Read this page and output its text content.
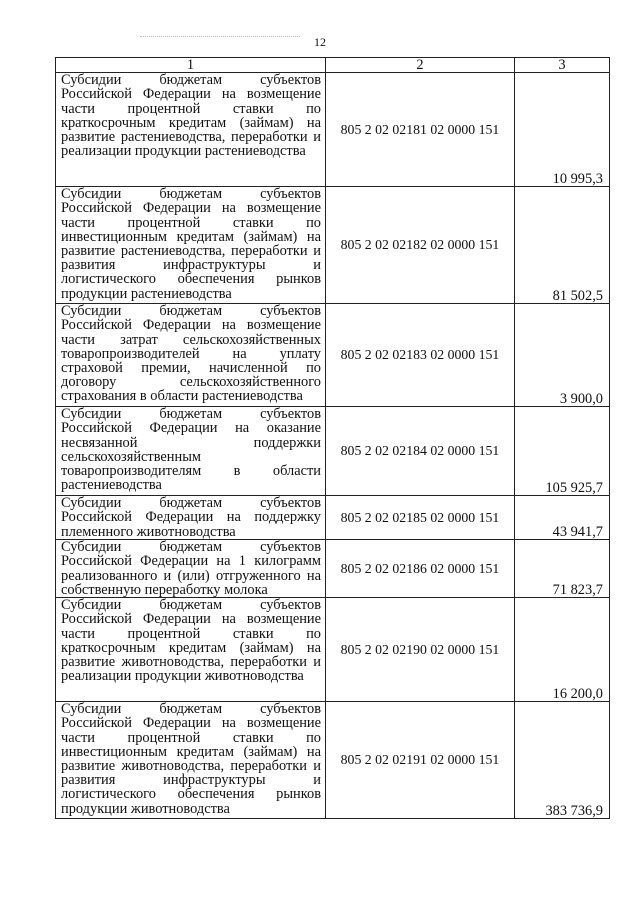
12
1	2	3
Субсидии бюджетам субъектов Российской Федерации на возмещение части процентной ставки по краткосрочным кредитам (займам) на развитие растениеводства, переработки и реализации продукции растениеводства	805 2 02 02181 02 0000 151	10 995,3
Субсидии бюджетам субъектов Российской Федерации на возмещение части процентной ставки по инвестиционным кредитам (займам) на развитие растениеводства, переработки и развития инфраструктуры и логистического обеспечения рынков продукции растениеводства	805 2 02 02182 02 0000 151	81 502,5
Субсидии бюджетам субъектов Российской Федерации на возмещение части затрат сельскохозяйственных товаропроизводителей на уплату страховой премии, начисленной по договору сельскохозяйственного страхования в области растениеводства	805 2 02 02183 02 0000 151	3 900,0
Субсидии бюджетам субъектов Российской Федерации на оказание несвязанной поддержки сельскохозяйственным товаропроизводителям в области растениеводства	805 2 02 02184 02 0000 151	105 925,7
Субсидии бюджетам субъектов Российской Федерации на поддержку племенного животноводства	805 2 02 02185 02 0000 151	43 941,7
Субсидии бюджетам субъектов Российской Федерации на 1 килограмм реализованного и (или) отгруженного на собственную переработку молока	805 2 02 02186 02 0000 151	71 823,7
Субсидии бюджетам субъектов Российской Федерации на возмещение части процентной ставки по краткосрочным кредитам (займам) на развитие животноводства, переработки и реализации продукции животноводства	805 2 02 02190 02 0000 151	16 200,0
Субсидии бюджетам субъектов Российской Федерации на возмещение части процентной ставки по инвестиционным кредитам (займам) на развитие животноводства, переработки и развития инфраструктуры и логистического обеспечения рынков продукции животноводства	805 2 02 02191 02 0000 151	383 736,9
